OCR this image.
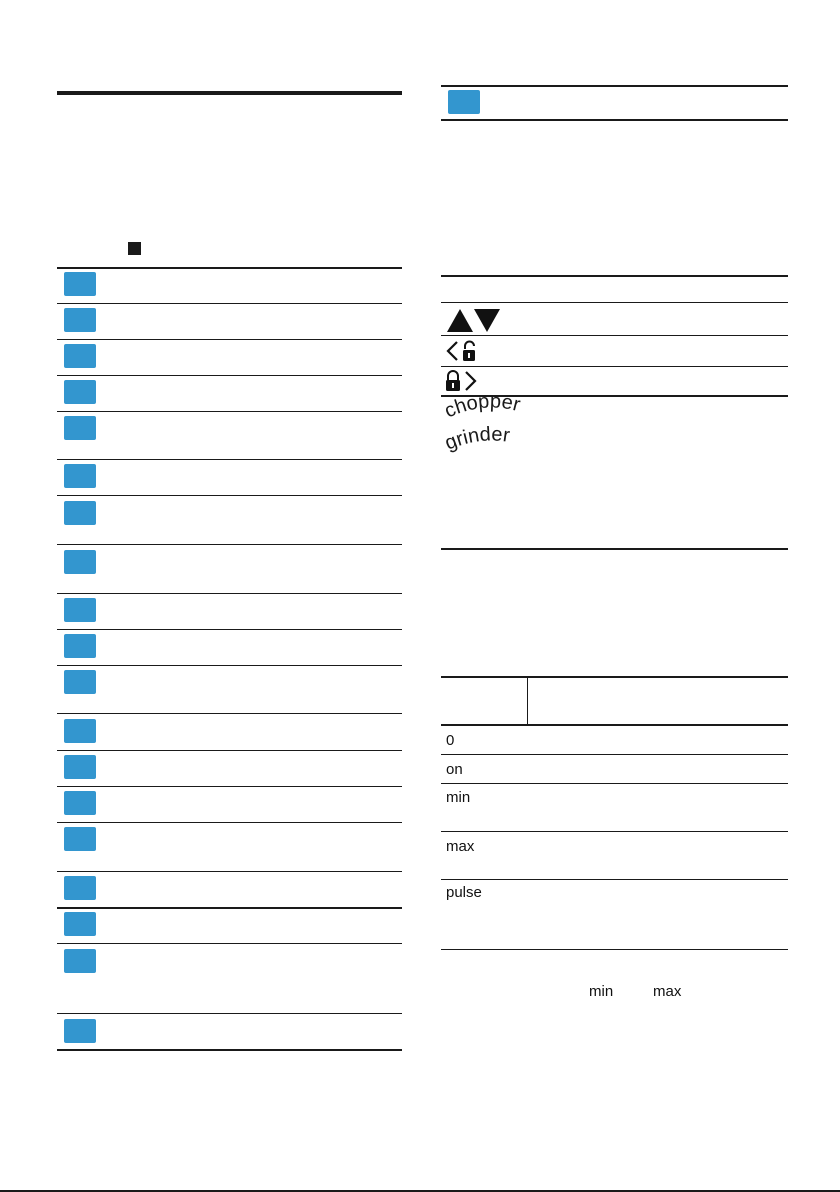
hopper
rinder
0
on
min
max
pulse
min	max
